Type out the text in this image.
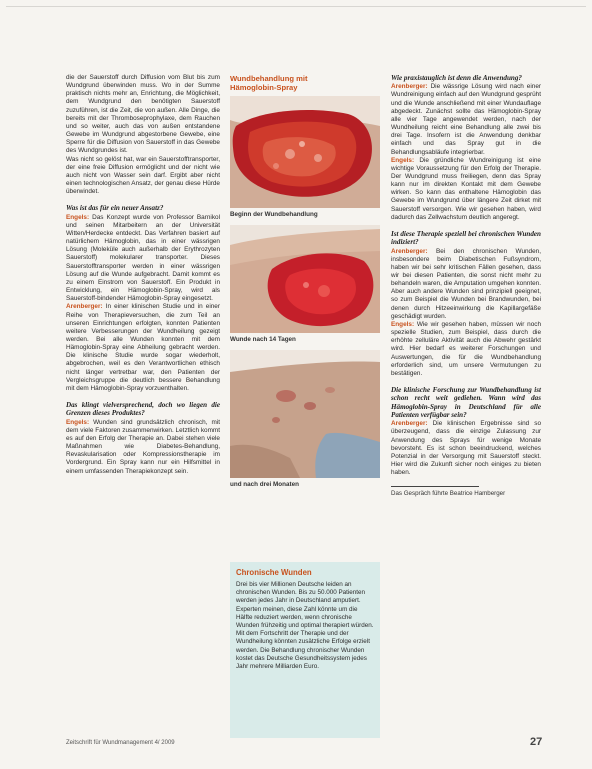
die der Sauerstoff durch Diffusion vom Blut bis zum Wundgrund überwinden muss. Wo in der Summe praktisch nichts mehr an, Enrichtung, die Möglichkeit, dem Wundgrund den benötigten Sauerstoff zuzuführen, ist die Zeit, die von außen. Alle Dinge, die bereits mit der Thromboseprophylaxe, dem Rauchen und so weiter, auch das von außen entstandene Gewebe im Wundgrund abgestorbene Gewebe, eine Sperre für die Diffusion von Sauerstoff in das Gewebe des Wundgrundes ist.

Was nicht so gelöst hat, war ein Sauerstofftransporter, der eine freie Diffusion ermöglicht und der nicht wie auch nicht von Wasser sein darf. Ergibt aber nicht einen technologischen Ansatz, der genau diese Hürde überwindet.

Was ist das für ein neuer Ansatz?

Engels: Das Konzept wurde von Professor Barnikol und seinen Mitarbeitern an der Universität Witten/Herdecke entdeckt. Das Verfahren basiert auf natürlichem Hämoglobin, das in einer wässrigen Lösung (Moleküle auch außerhalb der Erythrozyten Sauerstoff) molekularer transporter. Dieses Sauerstofftransporter werden in einer wässrigen Lösung auf die Wunde aufgebracht. Damit kommt es zu einem Einstrom von Sauerstoff. Ein Produkt in Entwicklung, ein Hämoglobin-Spray, wird als Sauerstoff-bindender Hämoglobin-Spray eingesetzt.

Arenberger: In einer klinischen Studie und in einer Reihe von Therapieversuchen, die zum Teil an unseren Einrichtungen erfolgten, konnten Patienten weitere Verbesserungen der Wundheilung gezeigt werden. Bei alle Wunden konnten mit dem Hämoglobin-Spray eine Abheilung gebracht werden. Die klinische Studie wurde sogar wiederholt, abgebrochen, weil es den Verantwortlichen ethisch nicht länger vertretbar war, den Patienten der Vergleichsgruppe die deutlich bessere Behandlung mit dem Hämoglobin-Spray vorzuenthalten.

Das klingt vielversprechend, doch wo liegen die Grenzen dieses Produktes?

Engels: Wunden sind grundsätzlich chronisch, mit dem viele Faktoren zusammenwirken. Letztlich kommt es auf den Erfolg der Therapie an. Dabei stehen viele Maßnahmen wie Diabetes-Behandlung, Revaskularisation oder Kompressionstherapie im Vordergrund. Ein Spray kann nur ein Hilfsmittel in einem umfassenden Therapiekonzept sein.

Wundbehandlung mit
Hämoglobin-Spray
Beginn der Wundbehandlung
Wunde nach 14 Tagen
und nach drei Monaten
Chronische Wunden
Drei bis vier Millionen Deutsche leiden an chronischen Wunden. Bis zu 50.000 Patienten werden jedes Jahr in Deutschland amputiert. Experten meinen, diese Zahl könnte um die Hälfte reduziert werden, wenn chronische Wunden frühzeitig und optimal therapiert würden. Mit dem Fortschritt der Therapie und der Wundheilung könnten zusätzliche Erfolge erzielt werden. Die Behandlung chronischer Wunden kostet das Deutsche Gesundheitssystem jedes Jahr mehrere Milliarden Euro.

Wie praxistauglich ist denn die Anwendung?

Arenberger: Die wässrige Lösung wird nach einer Wundreinigung einfach auf den Wundgrund gesprüht und die Wunde anschließend mit einer Wundauflage abgedeckt. Zunächst sollte das Hämoglobin-Spray alle vier Tage angewendet werden, nach der Wundheilung reicht eine Behandlung alle zwei bis drei Tage. Insofern ist die Anwendung denkbar einfach und das Spray gut in die Behandlungsabläufe integrierbar.

Engels: Die gründliche Wundreinigung ist eine wichtige Voraussetzung für den Erfolg der Therapie. Der Wundgrund muss freiliegen, denn das Spray kann nur im direkten Kontakt mit dem Gewebe wirken. So kann das enthaltene Hämoglobin das Gewebe im Wundgrund über längere Zeit dirket mit Sauerstoff versorgen. Wie wir gesehen haben, wird dadurch das Zellwachstum deutlich angeregt.

Ist diese Therapie speziell bei chronischen Wunden indiziert?

Arenberger: Bei den chronischen Wunden, insbesondere beim Diabetischen Fußsyndrom, haben wir bei sehr kritischen Fällen gesehen, dass wir bei diesen Patienten, die sonst nicht mehr zu behandeln waren, die Amputation umgehen konnten. Aber auch andere Wunden sind prinzipiell geeignet, so zum Beispiel die Wunden bei Brandwunden, bei denen durch Hitzeeinwirkung die Kapillargefäße geschädigt wurden.

Engels: Wie wir gesehen haben, müssen wir noch spezielle Studien, zum Beispiel, dass durch die erhöhte zelluläre Aktivität auch die Abwehr gestärkt wird. Hier bedarf es weiterer Forschungen und Auswertungen, die für die Wundbehandlung erforderlich sind, um unsere Vermutungen zu bestätigen.

Die klinische Forschung zur Wundbehandlung ist schon recht weit gediehen. Wann wird das Hämoglobin-Spray in Deutschland für alle Patienten verfügbar sein?

Arenberger: Die klinischen Ergebnisse sind so überzeugend, dass die einzige Zulassung zur Anwendung des Sprays für wenige Monate bevorsteht. Es ist schon beeindruckend, welches Potenzial in der Versorgung mit Sauerstoff steckt. Hier wird die Zukunft sicher noch einiges zu bieten haben.

Das Gespräch führte Beatrice Hamberger
Zeitschrift für Wundmanagement 4/ 2009	27
